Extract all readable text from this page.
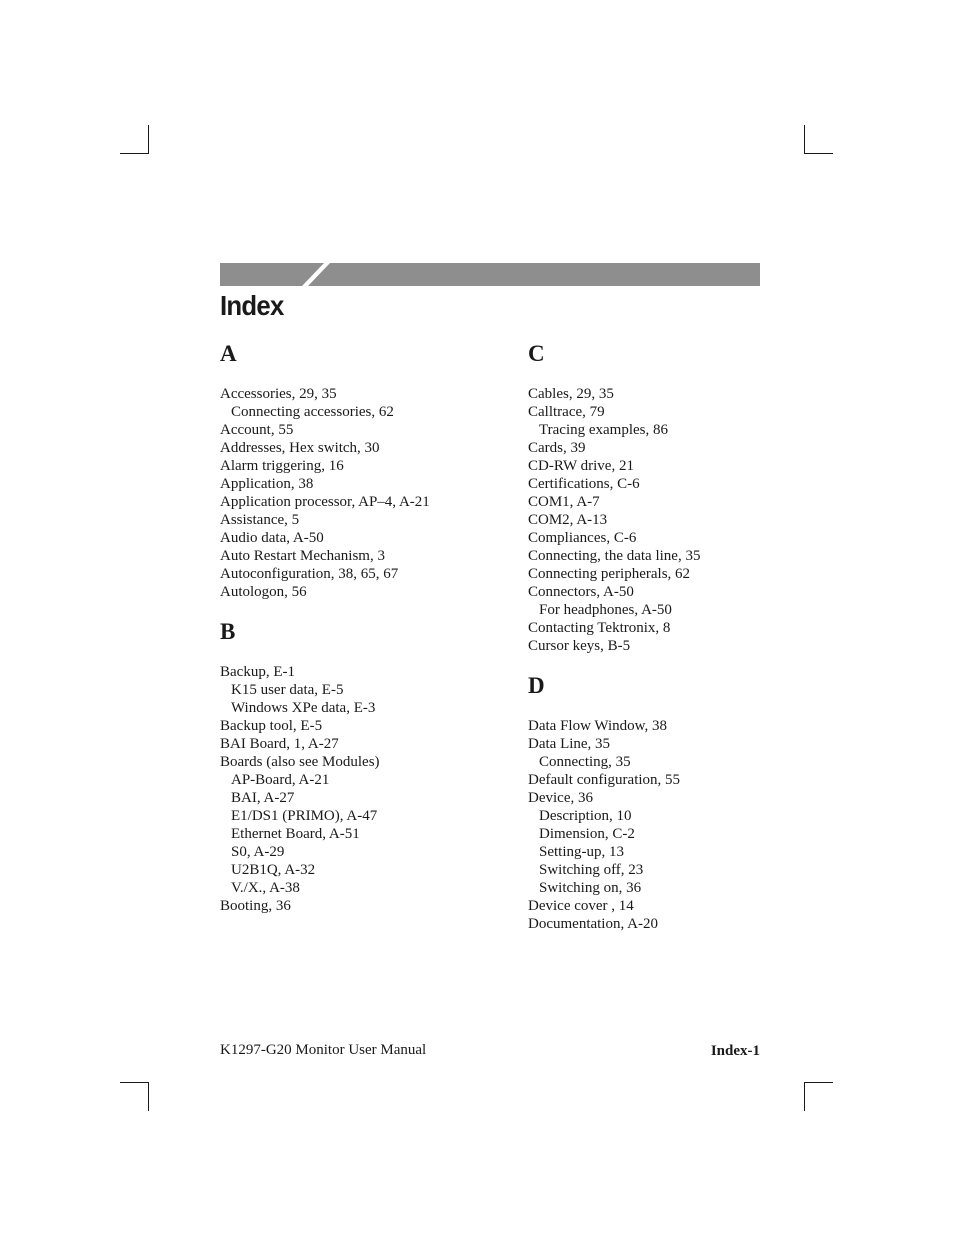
Index
A
Accessories, 29, 35
Connecting accessories, 62
Account, 55
Addresses, Hex switch, 30
Alarm triggering, 16
Application, 38
Application processor, AP–4, A-21
Assistance, 5
Audio data, A-50
Auto Restart Mechanism, 3
Autoconfiguration, 38, 65, 67
Autologon, 56
B
Backup, E-1
K15 user data, E-5
Windows XPe data, E-3
Backup tool, E-5
BAI Board, 1, A-27
Boards (also see Modules)
AP-Board, A-21
BAI, A-27
E1/DS1 (PRIMO), A-47
Ethernet Board, A-51
S0, A-29
U2B1Q, A-32
V./X., A-38
Booting, 36
C
Cables, 29, 35
Calltrace, 79
Tracing examples, 86
Cards, 39
CD-RW drive, 21
Certifications, C-6
COM1, A-7
COM2, A-13
Compliances, C-6
Connecting, the data line, 35
Connecting peripherals, 62
Connectors, A-50
For headphones, A-50
Contacting Tektronix, 8
Cursor keys, B-5
D
Data Flow Window, 38
Data Line, 35
Connecting, 35
Default configuration, 55
Device, 36
Description, 10
Dimension, C-2
Setting-up, 13
Switching off, 23
Switching on, 36
Device cover , 14
Documentation, A-20
K1297-G20 Monitor User Manual	Index-1
